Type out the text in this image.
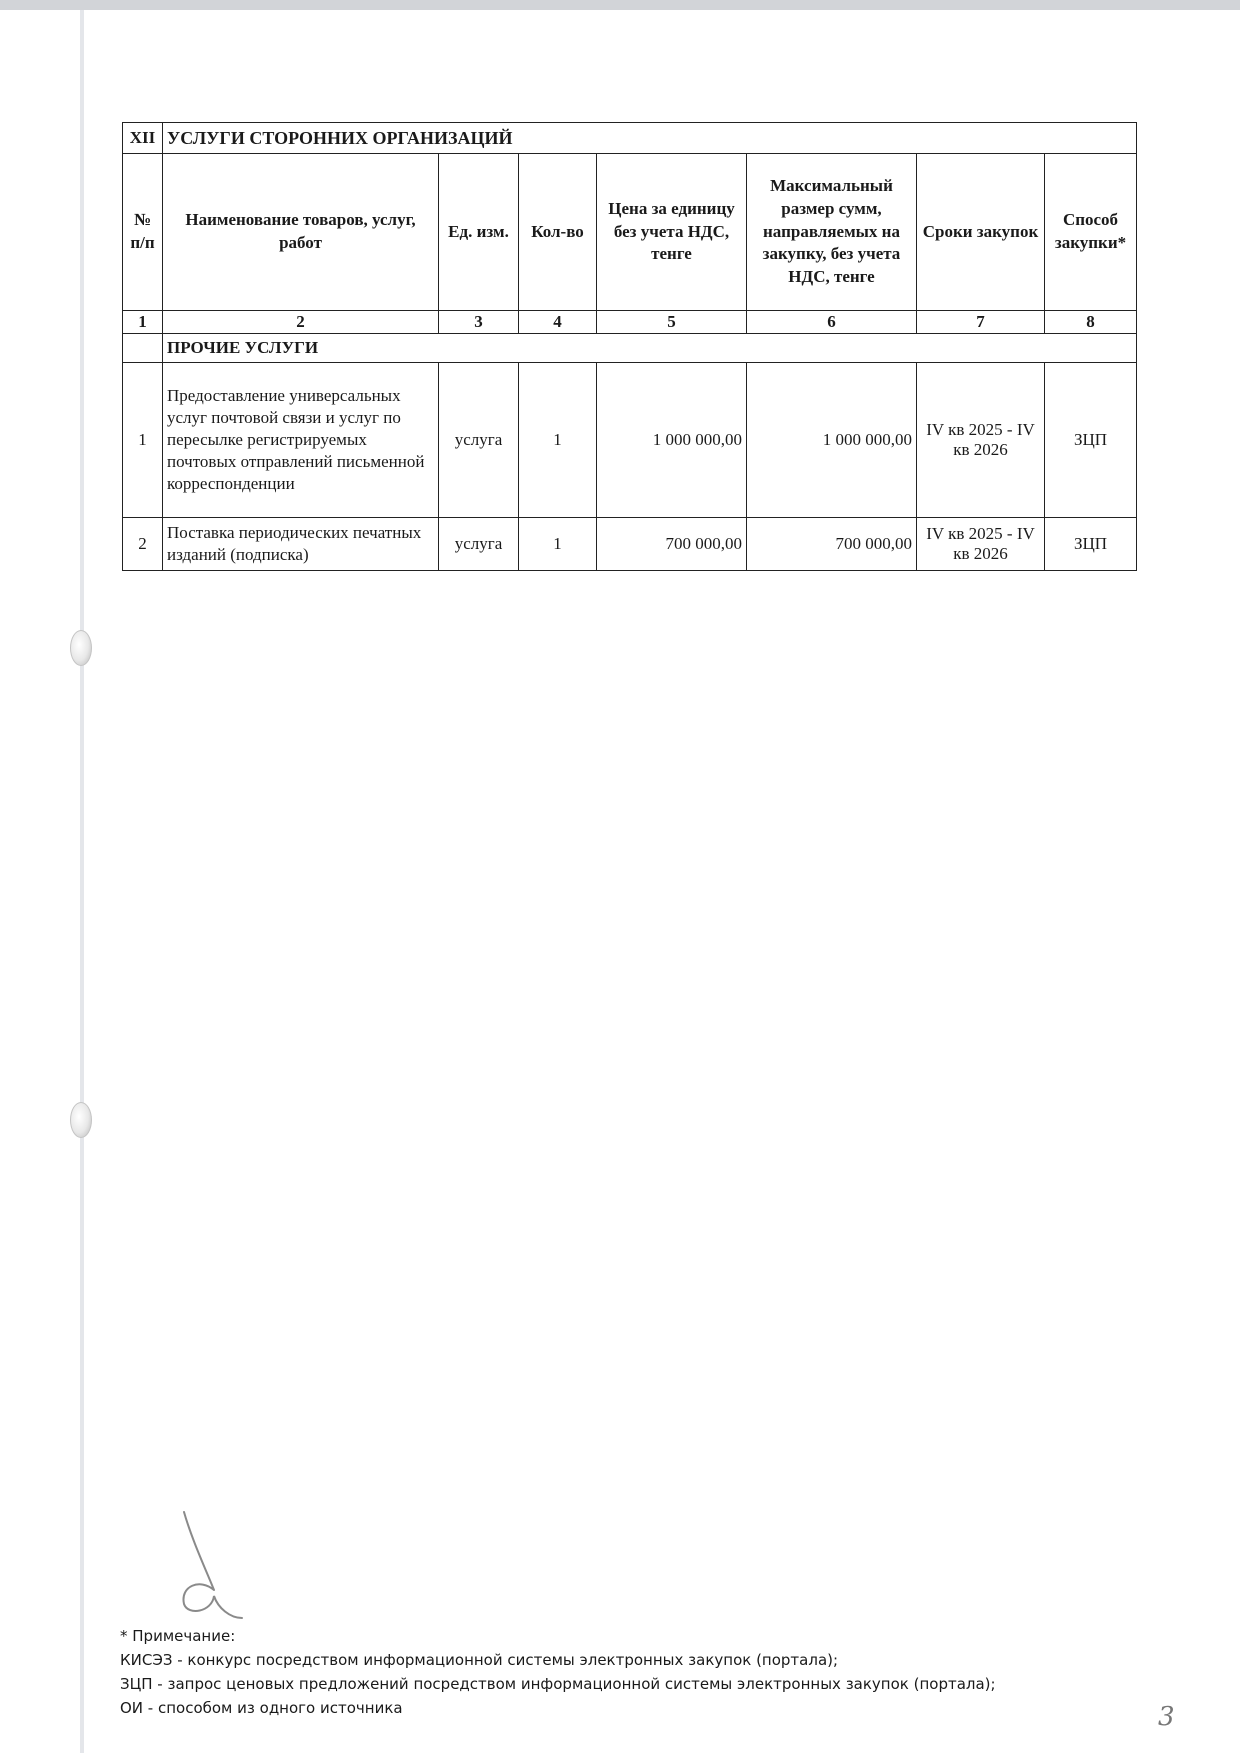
XII	УСЛУГИ СТОРОННИХ ОРГАНИЗАЦИЙ						
№ п/п	Наименование товаров, услуг, работ	Ед. изм.	Кол-во	Цена за единицу без учета НДС, тенге	Максимальный размер сумм, направляемых на закупку, без учета НДС, тенге	Сроки закупок	Способ закупки*
1	2	3	4	5	6	7	8
	ПРОЧИЕ УСЛУГИ						
1	Предоставление универсальных услуг почтовой связи и услуг по пересылке регистрируемых почтовых отправлений письменной корреспонденции	услуга	1	1 000 000,00	1 000 000,00	IV кв 2025 - IV кв 2026	ЗЦП
2	Поставка периодических печатных изданий (подписка)	услуга	1	700 000,00	700 000,00	IV кв 2025 - IV кв 2026	ЗЦП
* Примечание:
КИСЭЗ - конкурс посредством информационной системы электронных закупок (портала);
ЗЦП - запрос ценовых предложений посредством информационной системы электронных закупок (портала);
ОИ - способом из одного источника	3
